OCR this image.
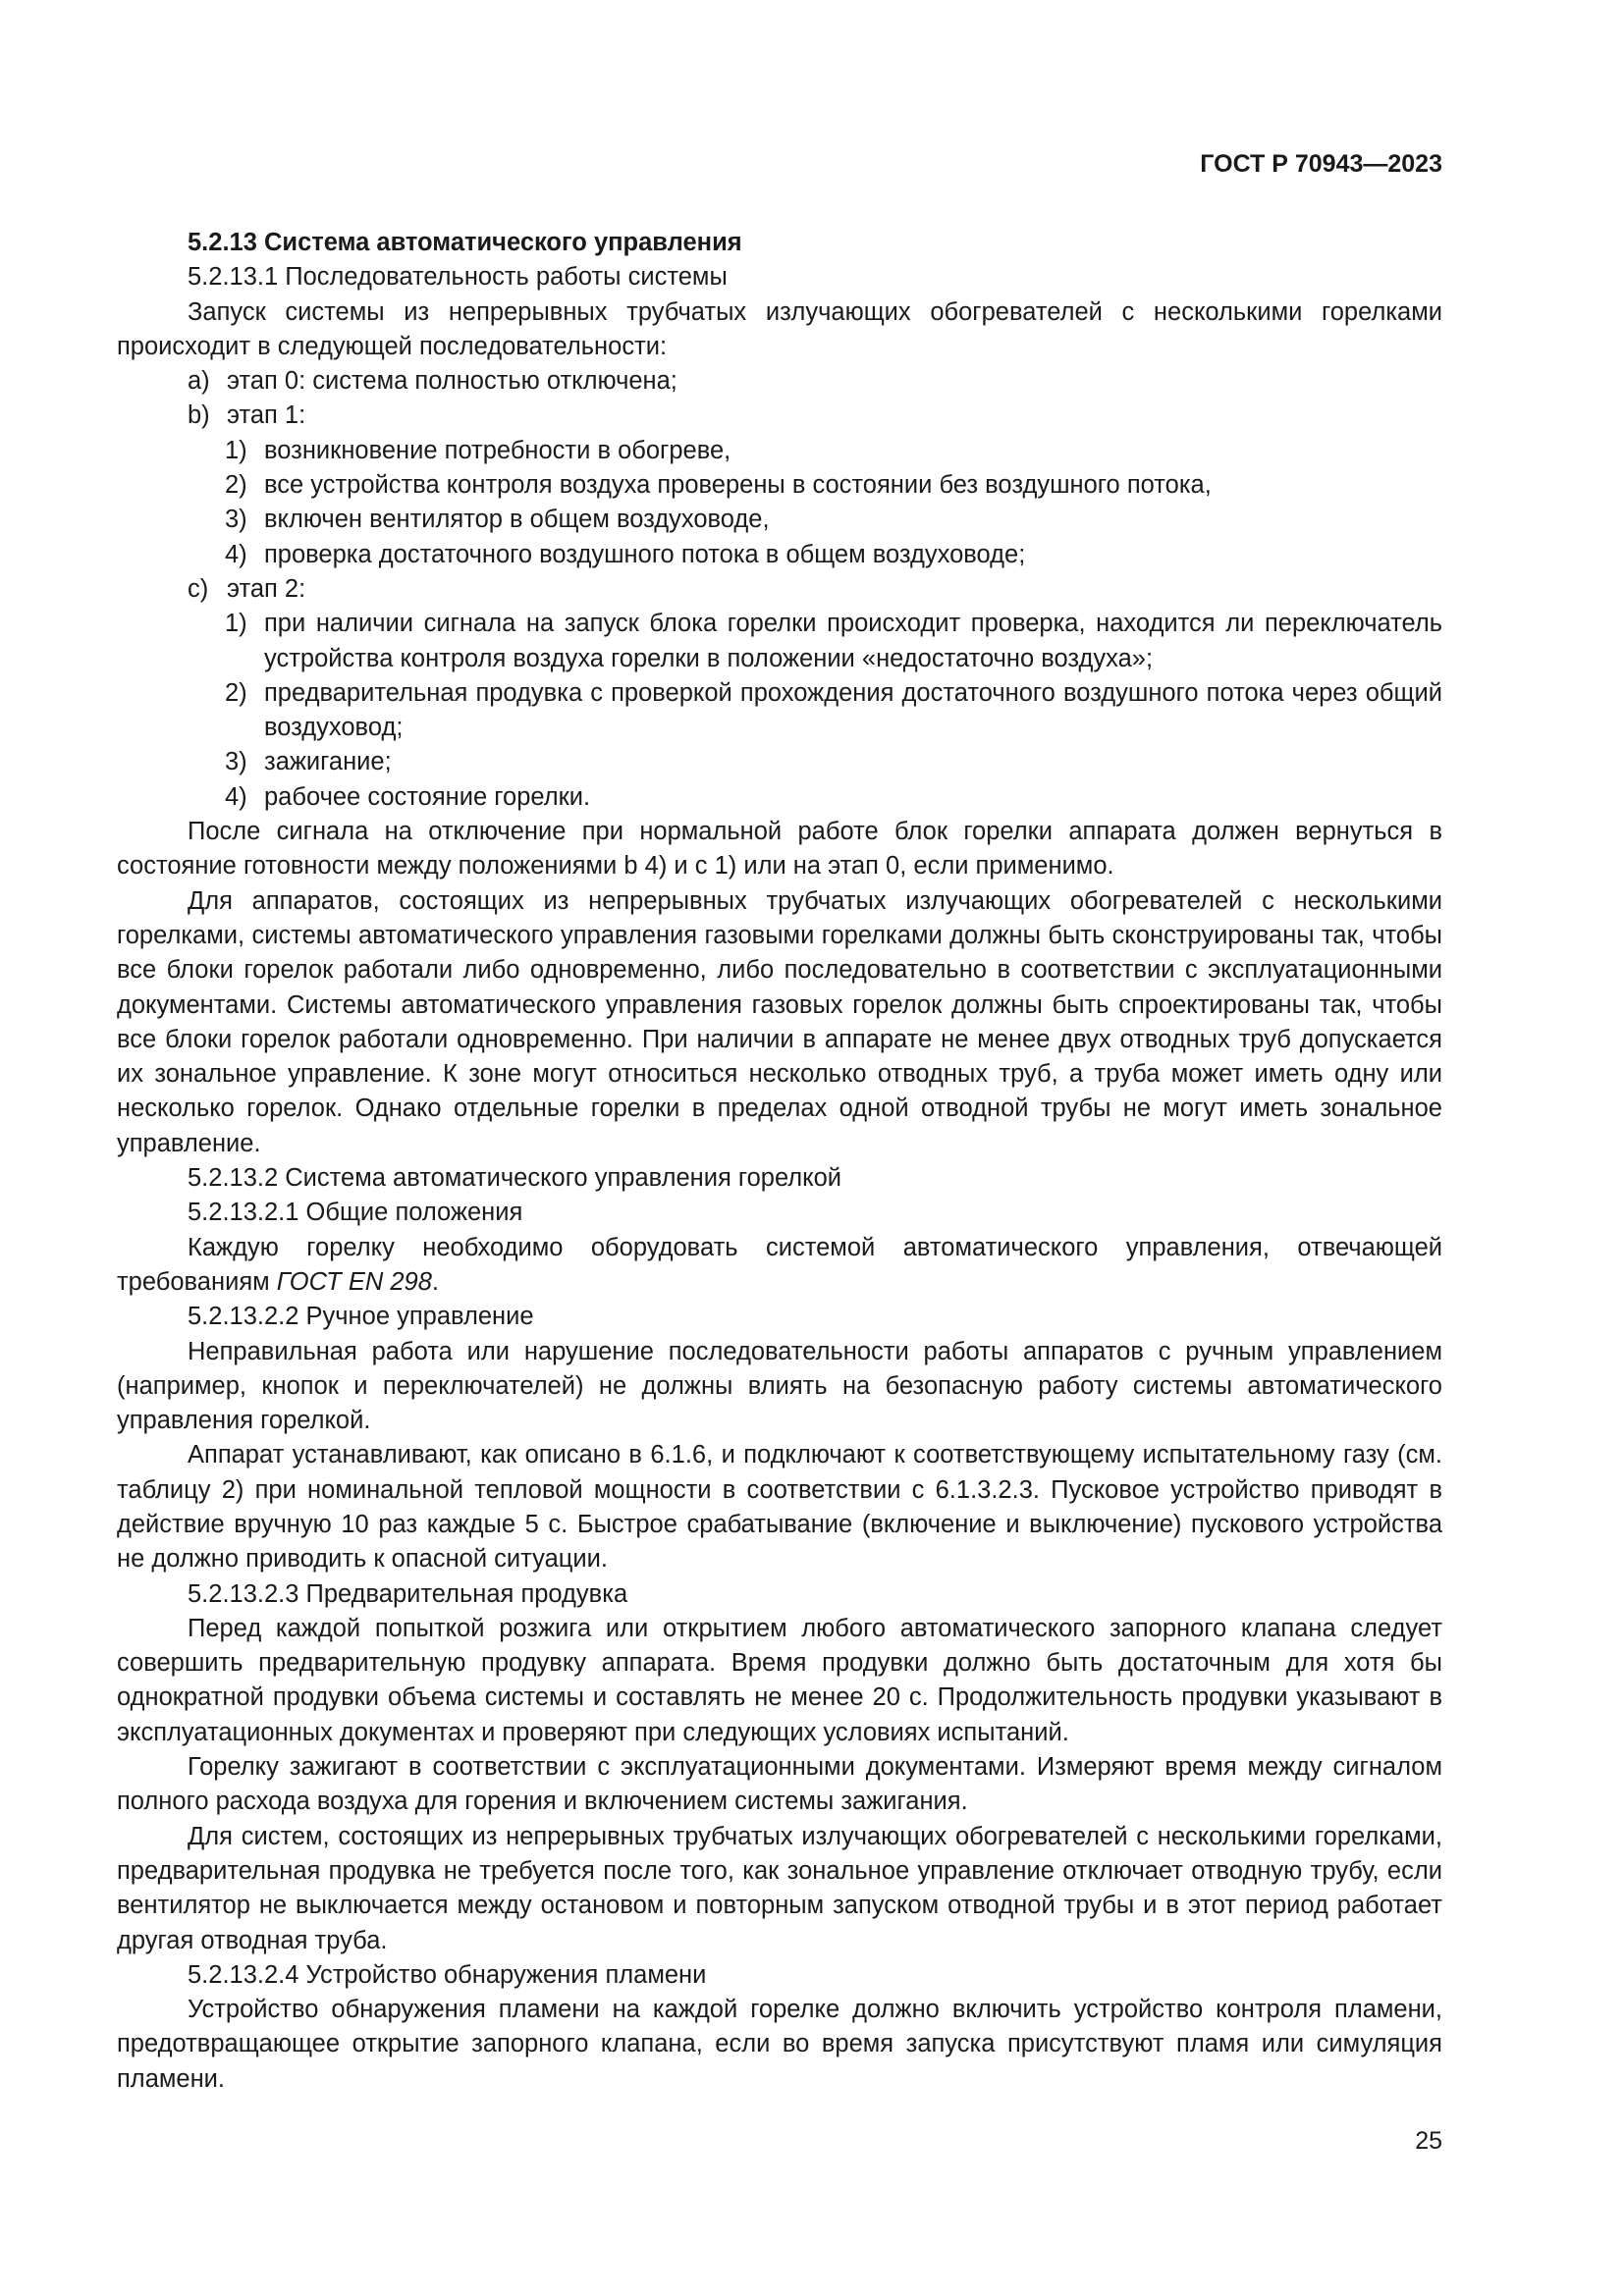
ГОСТ Р 70943—2023

5.2.13 Система автоматического управления

5.2.13.1 Последовательность работы системы

Запуск системы из непрерывных трубчатых излучающих обогревателей с несколькими горелками происходит в следующей последовательности:

a) этап 0: система полностью отключена;

b) этап 1:

1) возникновение потребности в обогреве,

2) все устройства контроля воздуха проверены в состоянии без воздушного потока,

3) включен вентилятор в общем воздуховоде,

4) проверка достаточного воздушного потока в общем воздуховоде;

c) этап 2:

1) при наличии сигнала на запуск блока горелки происходит проверка, находится ли переключатель устройства контроля воздуха горелки в положении «недостаточно воздуха»;

2) предварительная продувка с проверкой прохождения достаточного воздушного потока через общий воздуховод;

3) зажигание;

4) рабочее состояние горелки.

После сигнала на отключение при нормальной работе блок горелки аппарата должен вернуться в состояние готовности между положениями b 4) и c 1) или на этап 0, если применимо.

Для аппаратов, состоящих из непрерывных трубчатых излучающих обогревателей с несколькими горелками, системы автоматического управления газовыми горелками должны быть сконструированы так, чтобы все блоки горелок работали либо одновременно, либо последовательно в соответствии с эксплуатационными документами. Системы автоматического управления газовых горелок должны быть спроектированы так, чтобы все блоки горелок работали одновременно. При наличии в аппарате не менее двух отводных труб допускается их зональное управление. К зоне могут относиться несколько отводных труб, а труба может иметь одну или несколько горелок. Однако отдельные горелки в пределах одной отводной трубы не могут иметь зональное управление.

5.2.13.2 Система автоматического управления горелкой

5.2.13.2.1 Общие положения

Каждую горелку необходимо оборудовать системой автоматического управления, отвечающей требованиям ГОСТ EN 298.

5.2.13.2.2 Ручное управление

Неправильная работа или нарушение последовательности работы аппаратов с ручным управлением (например, кнопок и переключателей) не должны влиять на безопасную работу системы автоматического управления горелкой.

Аппарат устанавливают, как описано в 6.1.6, и подключают к соответствующему испытательному газу (см. таблицу 2) при номинальной тепловой мощности в соответствии с 6.1.3.2.3. Пусковое устройство приводят в действие вручную 10 раз каждые 5 с. Быстрое срабатывание (включение и выключение) пускового устройства не должно приводить к опасной ситуации.

5.2.13.2.3 Предварительная продувка

Перед каждой попыткой розжига или открытием любого автоматического запорного клапана следует совершить предварительную продувку аппарата. Время продувки должно быть достаточным для хотя бы однократной продувки объема системы и составлять не менее 20 с. Продолжительность продувки указывают в эксплуатационных документах и проверяют при следующих условиях испытаний.

Горелку зажигают в соответствии с эксплуатационными документами. Измеряют время между сигналом полного расхода воздуха для горения и включением системы зажигания.

Для систем, состоящих из непрерывных трубчатых излучающих обогревателей с несколькими горелками, предварительная продувка не требуется после того, как зональное управление отключает отводную трубу, если вентилятор не выключается между остановом и повторным запуском отводной трубы и в этот период работает другая отводная труба.

5.2.13.2.4 Устройство обнаружения пламени

Устройство обнаружения пламени на каждой горелке должно включить устройство контроля пламени, предотвращающее открытие запорного клапана, если во время запуска присутствуют пламя или симуляция пламени.

25
